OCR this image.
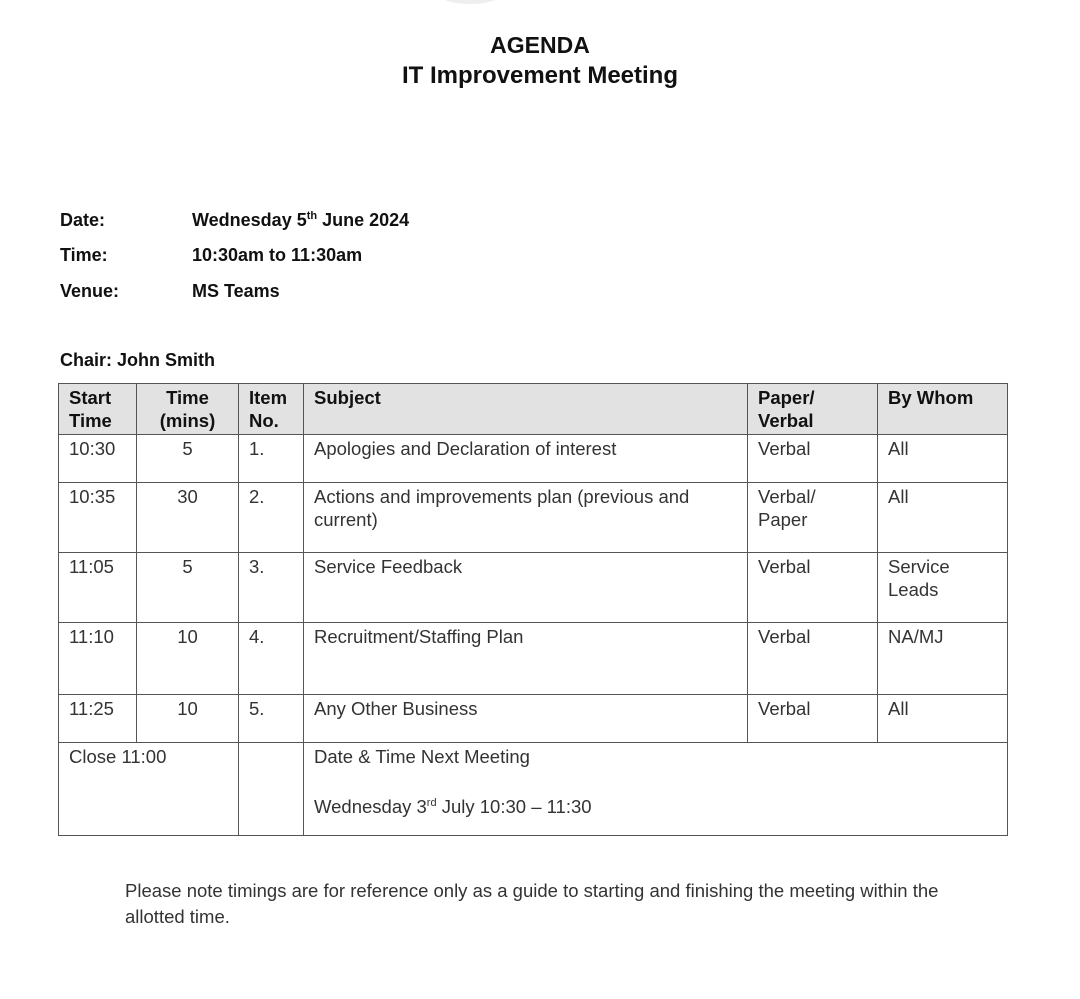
AGENDA
IT Improvement Meeting
Date:	Wednesday 5th June 2024
Time:	10:30am to 11:30am
Venue:	MS Teams
Chair: John Smith
Start Time	Time (mins)	Item No.	Subject	Paper/ Verbal	By Whom
10:30	5	1.	Apologies and Declaration of interest	Verbal	All
10:35	30	2.	Actions and improvements plan (previous and current)	Verbal/ Paper	All
11:05	5	3.	Service Feedback	Verbal	Service Leads
11:10	10	4.	Recruitment/Staffing Plan	Verbal	NA/MJ
11:25	10	5.	Any Other Business	Verbal	All
Close 11:00			Date & Time Next Meeting
Wednesday 3rd July 10:30 – 11:30		
Please note timings are for reference only as a guide to starting and finishing the meeting within the allotted time.
